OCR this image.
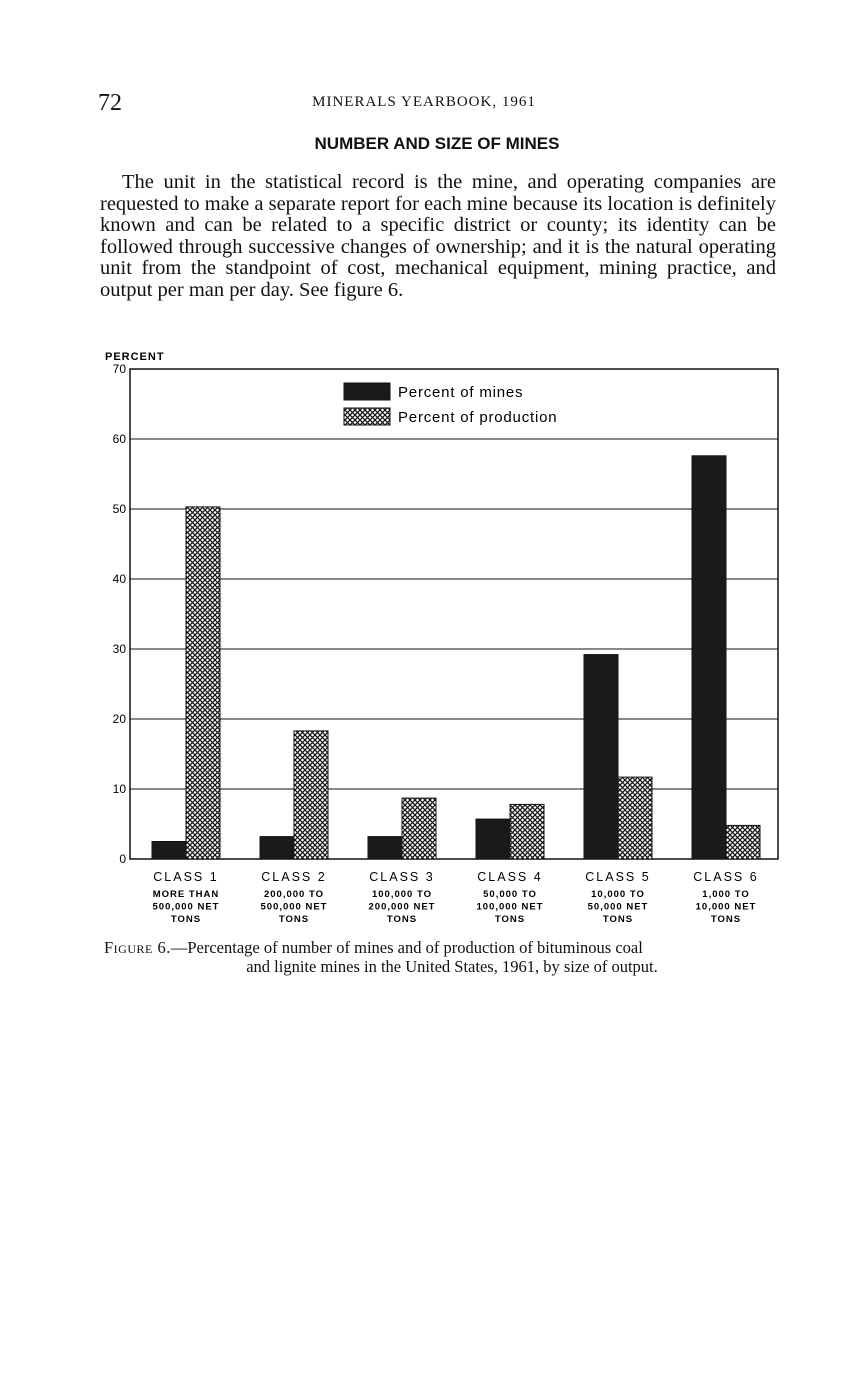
72	MINERALS YEARBOOK, 1961
NUMBER AND SIZE OF MINES

The unit in the statistical record is the mine, and operating companies are requested to make a separate report for each mine because its location is definitely known and can be related to a specific district or county; its identity can be followed through successive changes of ownership; and it is the natural operating unit from the standpoint of cost, mechanical equipment, mining practice, and output per man per day. See figure 6.

PERCENT
0
10
20
30
40
50
60
70
CLASS 1
MORE THAN
500,000 NET
TONS
CLASS 2
200,000 TO
500,000 NET
TONS
CLASS 3
100,000 TO
200,000 NET
TONS
CLASS 4
50,000 TO
100,000 NET
TONS
CLASS 5
10,000 TO
50,000 NET
TONS
CLASS 6
1,000 TO
10,000 NET
TONS
Percent of mines
Percent of production

Figure 6.—Percentage of number of mines and of production of bituminous coal
and lignite mines in the United States, 1961, by size of output.
